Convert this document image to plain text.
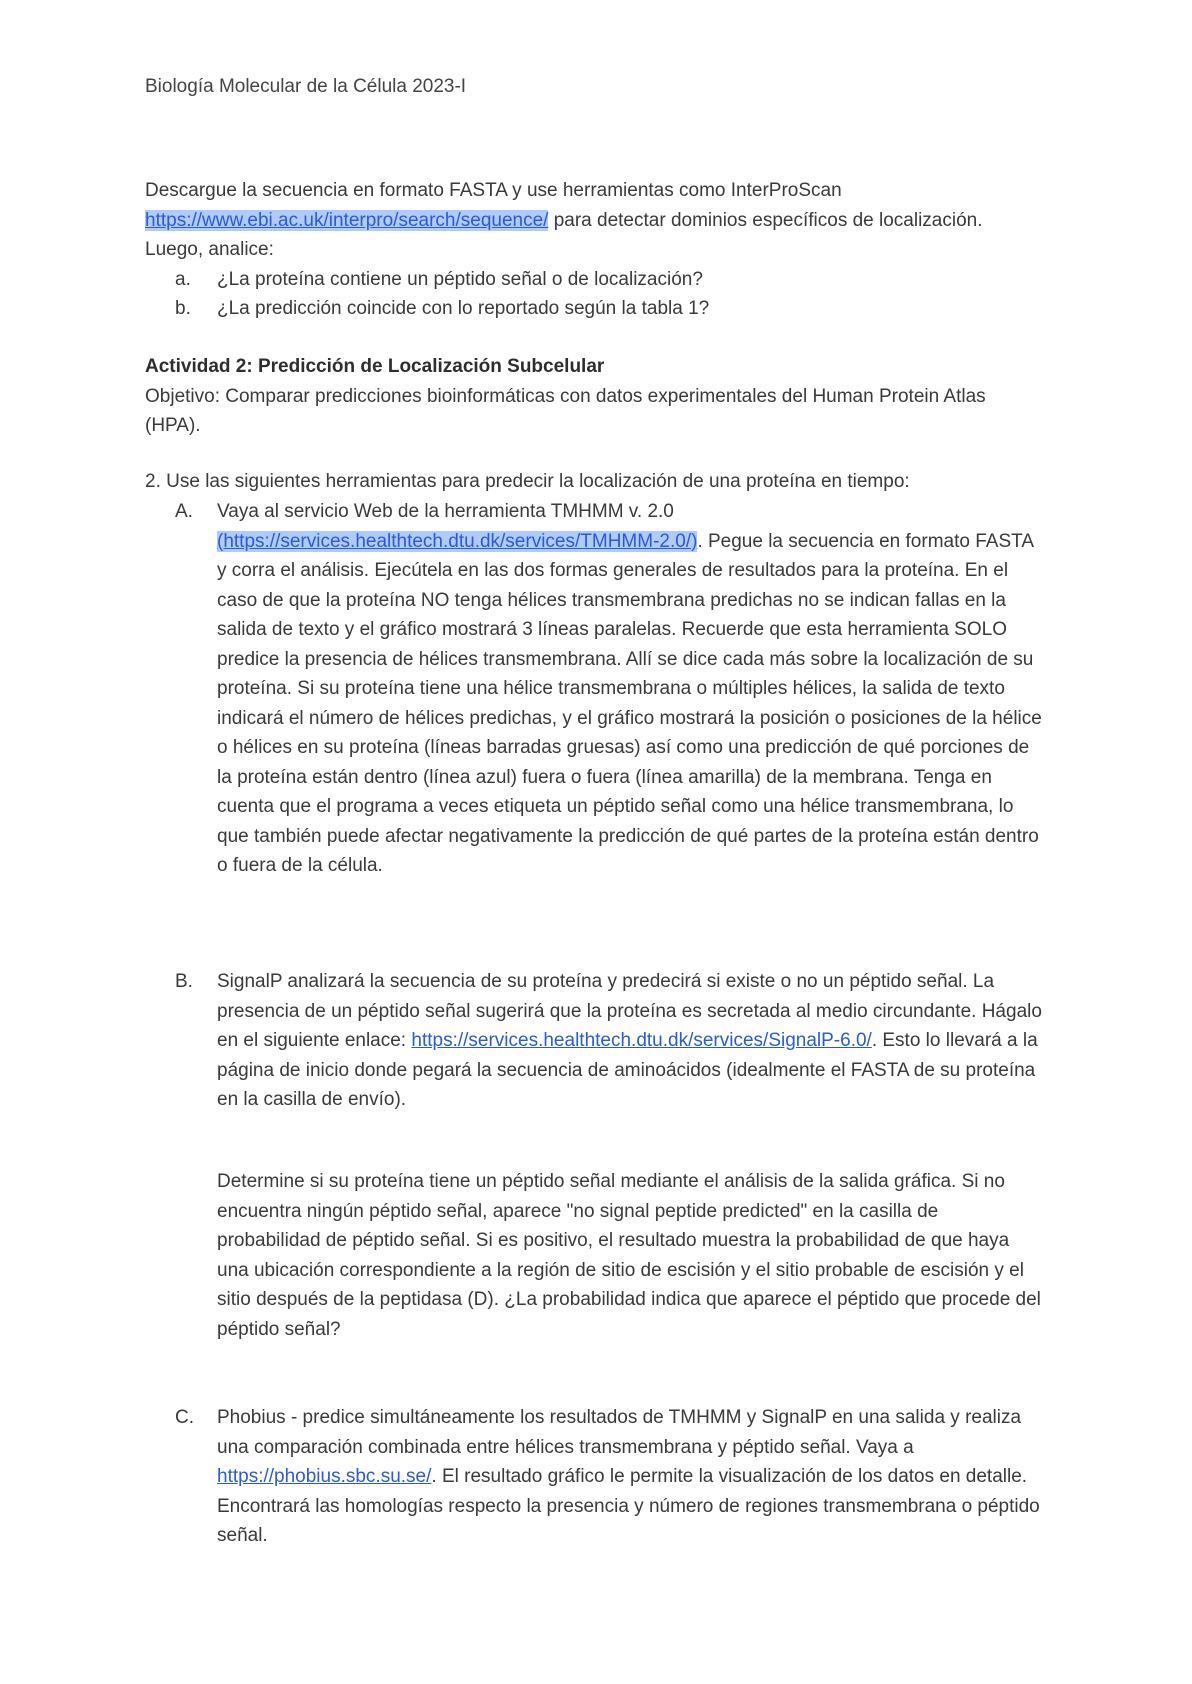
Biología Molecular de la Célula 2023-I

Descargue la secuencia en formato FASTA y use herramientas como InterProScan

https://www.ebi.ac.uk/interpro/search/sequence/ para detectar dominios específicos de localización.

Luego, analice:

a. ¿La proteína contiene un péptido señal o de localización?
b. ¿La predicción coincide con lo reportado según la tabla 1?

Actividad 2: Predicción de Localización Subcelular

Objetivo: Comparar predicciones bioinformáticas con datos experimentales del Human Protein Atlas (HPA).

2. Use las siguientes herramientas para predecir la localización de una proteína en tiempo:

A. Vaya al servicio Web de la herramienta TMHMM v. 2.0 (https://services.healthtech.dtu.dk/services/TMHMM-2.0/). Pegue la secuencia en formato FASTA y corra el análisis. Ejecútela en las dos formas generales de resultados para la proteína. En el caso de que la proteína NO tenga hélices transmembrana predichas no se indican fallas en la salida de texto y el gráfico mostrará 3 líneas paralelas. Recuerde que esta herramienta SOLO predice la presencia de hélices transmembrana. Allí se dice cada más sobre la localización de su proteína. Si su proteína tiene una hélice transmembrana o múltiples hélices, la salida de texto indicará el número de hélices predichas, y el gráfico mostrará la posición o posiciones de la hélice o hélices en su proteína (líneas barradas gruesas) así como una predicción de qué porciones de la proteína están dentro (línea azul) fuera o fuera (línea amarilla) de la membrana. Tenga en cuenta que el programa a veces etiqueta un péptido señal como una hélice transmembrana, lo que también puede afectar negativamente la predicción de qué partes de la proteína están dentro o fuera de la célula.
B. SignalP analizará la secuencia de su proteína y predecirá si existe o no un péptido señal. La presencia de un péptido señal sugerirá que la proteína es secretada al medio circundante. Hágalo en el siguiente enlace: https://services.healthtech.dtu.dk/services/SignalP-6.0/. Esto lo llevará a la página de inicio donde pegará la secuencia de aminoácidos (idealmente el FASTA de su proteína en la casilla de envío).

Determine si su proteína tiene un péptido señal mediante el análisis de la salida gráfica. Si no encuentra ningún péptido señal, aparece "no signal peptide predicted" en la casilla de probabilidad de péptido señal. Si es positivo, el resultado muestra la probabilidad de que haya una ubicación correspondiente a la región de sitio de escisión y el sitio probable de escisión y el sitio después de la peptidasa (D). ¿La probabilidad indica que aparece el péptido que procede del péptido señal?

C. Phobius - predice simultáneamente los resultados de TMHMM y SignalP en una salida y realiza una comparación combinada entre hélices transmembrana y péptido señal. Vaya a https://phobius.sbc.su.se/. El resultado gráfico le permite la visualización de los datos en detalle. Encontrará las homologías respecto la presencia y número de regiones transmembrana o péptido señal.
